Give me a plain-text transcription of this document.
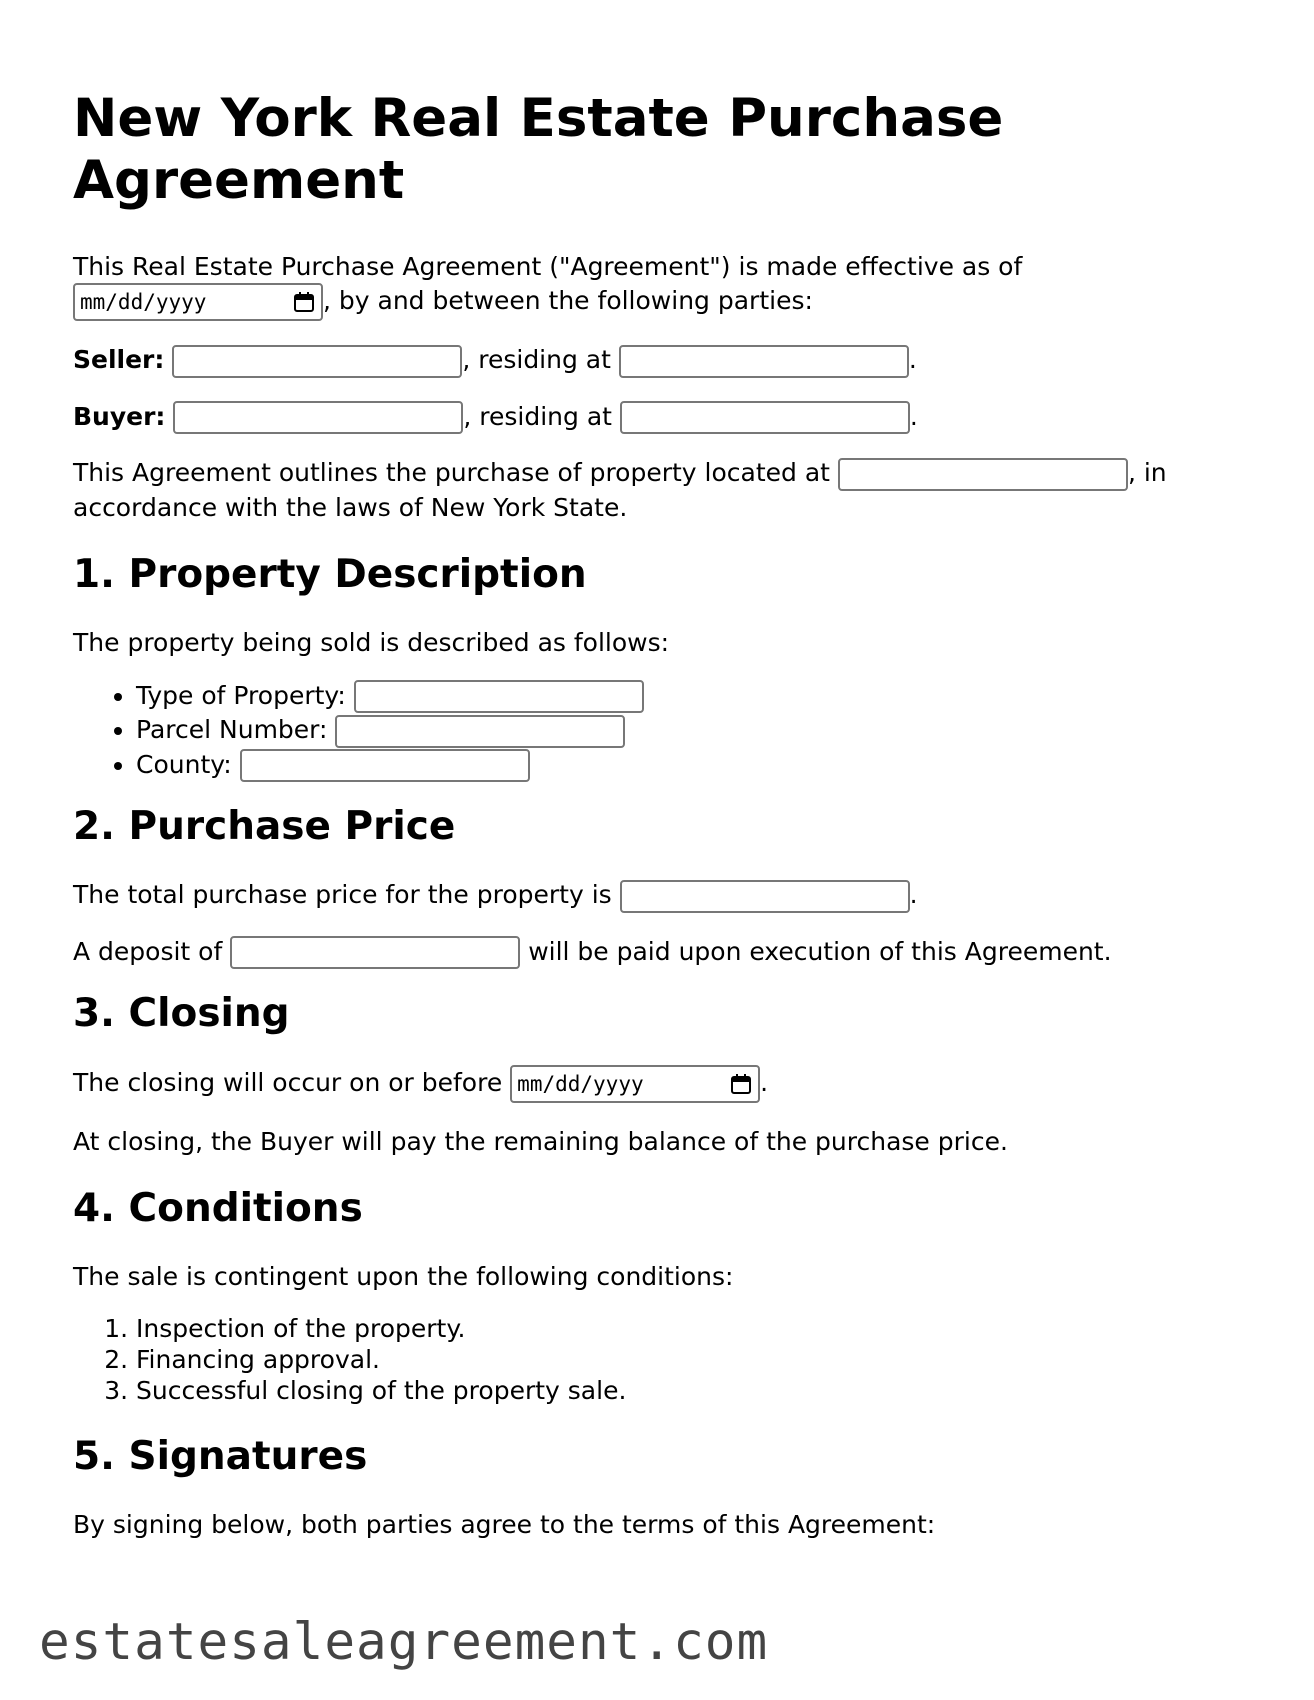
New York Real Estate Purchase Agreement

This Real Estate Purchase Agreement ("Agreement") is made effective as of

mm/dd/yyyy	, by and between the following parties:

Seller:	, residing at	.

Buyer:	, residing at	.

This Agreement outlines the purchase of property located at	, in accordance with the laws of New York State.

1. Property Description

The property being sold is described as follows:

• Type of Property:
• Parcel Number:
• County:
2. Purchase Price

The total purchase price for the property is	.

A deposit of	will be paid upon execution of this Agreement.

3. Closing

The closing will occur on or before mm/dd/yyyy	.

At closing, the Buyer will pay the remaining balance of the purchase price.

4. Conditions

The sale is contingent upon the following conditions:

1. Inspection of the property.
2. Financing approval.
3. Successful closing of the property sale.
5. Signatures

By signing below, both parties agree to the terms of this Agreement:

estatesaleagreement.com
